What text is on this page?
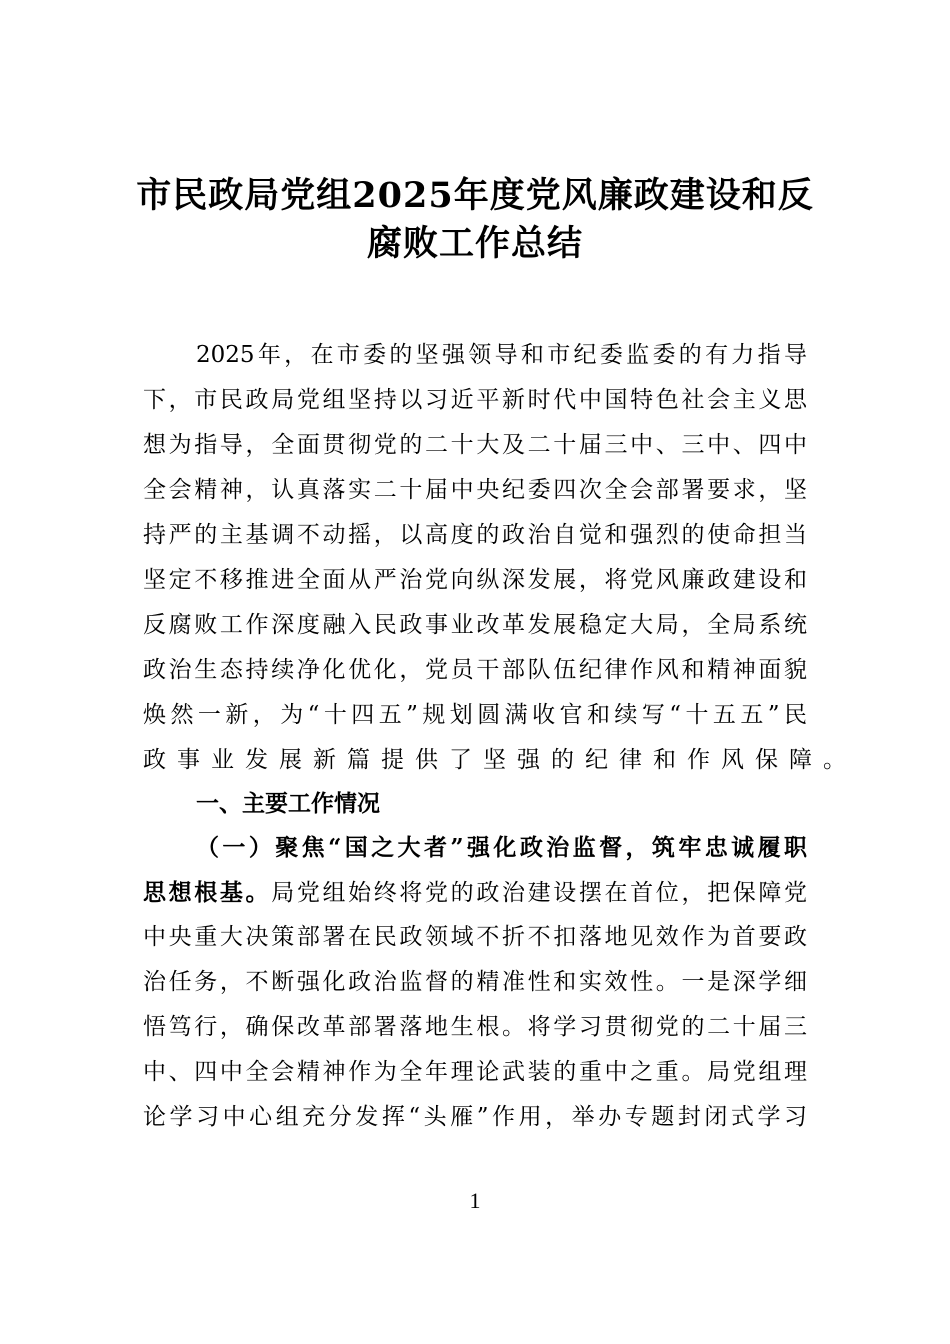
市民政局党组2025年度党风廉政建设和反
腐败工作总结
2025年，在市委的坚强领导和市纪委监委的有力指导
下，市民政局党组坚持以习近平新时代中国特色社会主义思
想为指导，全面贯彻党的二十大及二十届三中、三中、四中
全会精神，认真落实二十届中央纪委四次全会部署要求，坚
持严的主基调不动摇，以高度的政治自觉和强烈的使命担当
坚定不移推进全面从严治党向纵深发展，将党风廉政建设和
反腐败工作深度融入民政事业改革发展稳定大局，全局系统
政治生态持续净化优化，党员干部队伍纪律作风和精神面貌
焕然一新，为“十四五”规划圆满收官和续写“十五五”民
政事业发展新篇提供了坚强的纪律和作风保障。
一、主要工作情况
（一）聚焦“国之大者”强化政治监督，筑牢忠诚履职
思想根基。局党组始终将党的政治建设摆在首位，把保障党
中央重大决策部署在民政领域不折不扣落地见效作为首要政
治任务，不断强化政治监督的精准性和实效性。一是深学细
悟笃行，确保改革部署落地生根。将学习贯彻党的二十届三
中、四中全会精神作为全年理论武装的重中之重。局党组理
论学习中心组充分发挥“头雁”作用，举办专题封闭式学习
1
